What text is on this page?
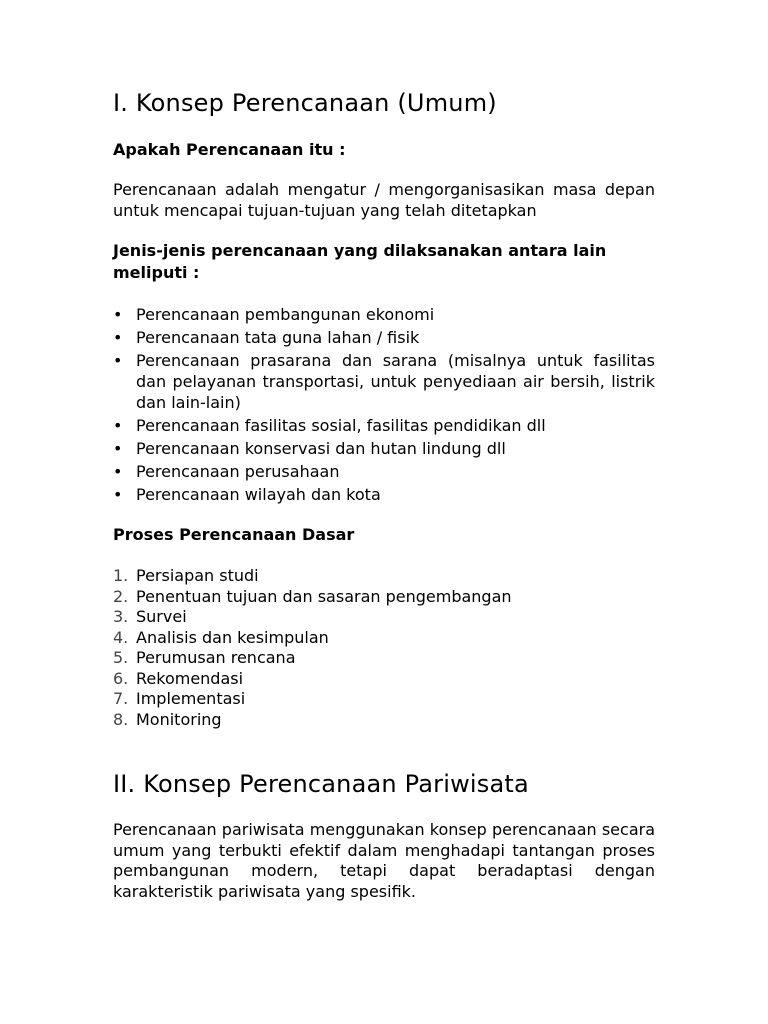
I. Konsep Perencanaan (Umum)
Apakah Perencanaan itu :
Perencanaan adalah mengatur / mengorganisasikan masa depan untuk mencapai tujuan-tujuan yang telah ditetapkan
Jenis-jenis perencanaan yang dilaksanakan antara lain meliputi :
• Perencanaan pembangunan ekonomi
• Perencanaan tata guna lahan / fisik
• Perencanaan prasarana dan sarana (misalnya untuk fasilitas dan pelayanan transportasi, untuk penyediaan air bersih, listrik dan lain-lain)
• Perencanaan fasilitas sosial, fasilitas pendidikan dll
• Perencanaan konservasi dan hutan lindung dll
• Perencanaan perusahaan
• Perencanaan wilayah dan kota
Proses Perencanaan Dasar
1. Persiapan studi
2. Penentuan tujuan dan sasaran pengembangan
3. Survei
4. Analisis dan kesimpulan
5. Perumusan rencana
6. Rekomendasi
7. Implementasi
8. Monitoring
II. Konsep Perencanaan Pariwisata
Perencanaan pariwisata menggunakan konsep perencanaan secara umum yang terbukti efektif dalam menghadapi tantangan proses pembangunan modern, tetapi dapat beradaptasi dengan karakteristik pariwisata yang spesifik.
